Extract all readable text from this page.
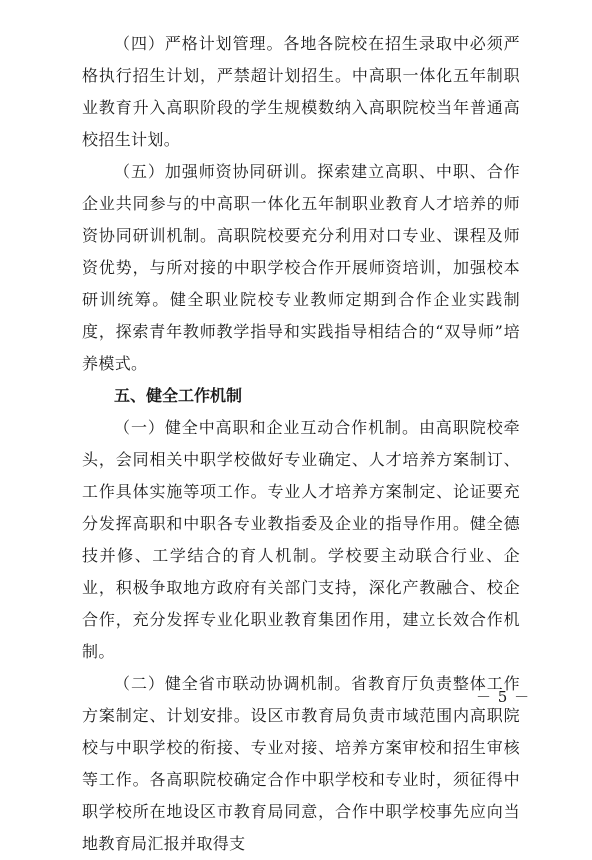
（四）严格计划管理。各地各院校在招生录取中必须严格执行招生计划，严禁超计划招生。中高职一体化五年制职业教育升入高职阶段的学生规模数纳入高职院校当年普通高校招生计划。

（五）加强师资协同研训。探索建立高职、中职、合作企业共同参与的中高职一体化五年制职业教育人才培养的师资协同研训机制。高职院校要充分利用对口专业、课程及师资优势，与所对接的中职学校合作开展师资培训，加强校本研训统筹。健全职业院校专业教师定期到合作企业实践制度，探索青年教师教学指导和实践指导相结合的“双导师”培养模式。

五、健全工作机制

（一）健全中高职和企业互动合作机制。由高职院校牵头，会同相关中职学校做好专业确定、人才培养方案制订、工作具体实施等项工作。专业人才培养方案制定、论证要充分发挥高职和中职各专业教指委及企业的指导作用。健全德技并修、工学结合的育人机制。学校要主动联合行业、企业，积极争取地方政府有关部门支持，深化产教融合、校企合作，充分发挥专业化职业教育集团作用，建立长效合作机制。

（二）健全省市联动协调机制。省教育厅负责整体工作方案制定、计划安排。设区市教育局负责市域范围内高职院校与中职学校的衔接、专业对接、培养方案审校和招生审核等工作。各高职院校确定合作中职学校和专业时，须征得中职学校所在地设区市教育局同意，合作中职学校事先应向当地教育局汇报并取得支

－ 5 －
